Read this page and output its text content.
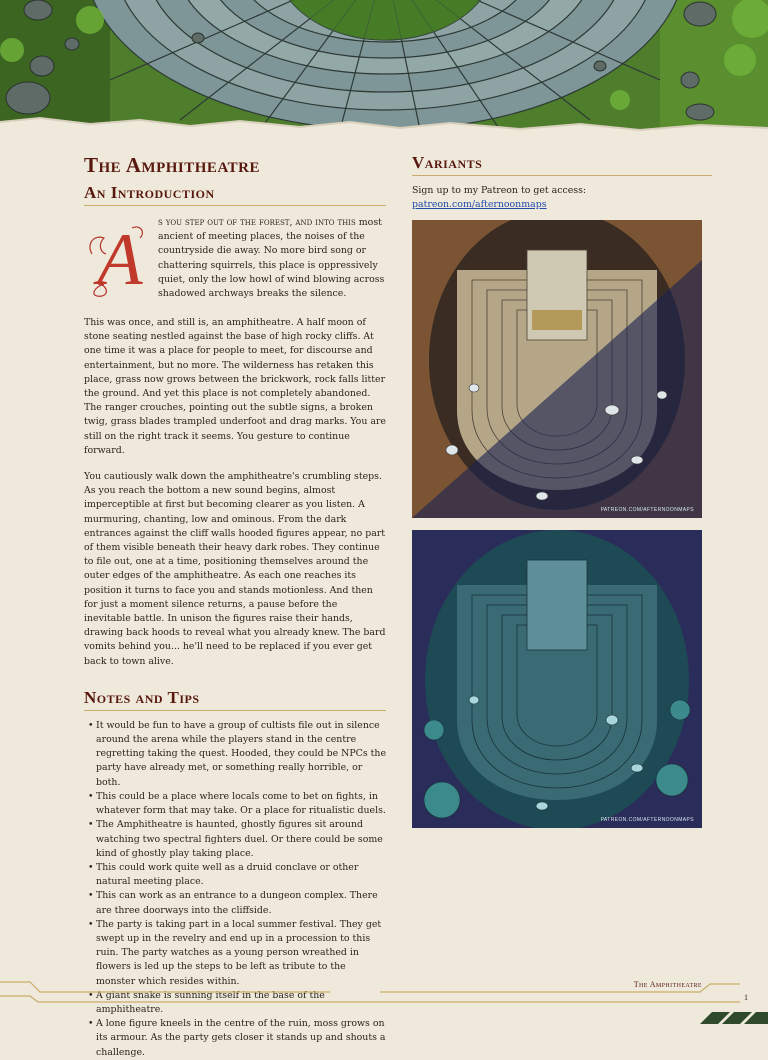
The Amphitheatre
An Introduction
A s you step out of the forest, and into this most ancient of meeting places, the noises of the countryside die away. No more bird song or chattering squirrels, this place is oppressively quiet, only the low howl of wind blowing across shadowed archways breaks the silence.

This was once, and still is, an amphitheatre. A half moon of stone seating nestled against the base of high rocky cliffs. At one time it was a place for people to meet, for discourse and entertainment, but no more. The wilderness has retaken this place, grass now grows between the brickwork, rock falls litter the ground. And yet this place is not completely abandoned. The ranger crouches, pointing out the subtle signs, a broken twig, grass blades trampled underfoot and drag marks. You are still on the right track it seems. You gesture to continue forward.

You cautiously walk down the amphitheatre's crumbling steps. As you reach the bottom a new sound begins, almost imperceptible at first but becoming clearer as you listen. A murmuring, chanting, low and ominous. From the dark entrances against the cliff walls hooded figures appear, no part of them visible beneath their heavy dark robes. They continue to file out, one at a time, positioning themselves around the outer edges of the amphitheatre. As each one reaches its position it turns to face you and stands motionless. And then for just a moment silence returns, a pause before the inevitable battle. In unison the figures raise their hands, drawing back hoods to reveal what you already knew. The bard vomits behind you... he'll need to be replaced if you ever get back to town alive.

Notes and Tips
• It would be fun to have a group of cultists file out in silence around the arena while the players stand in the centre regretting taking the quest. Hooded, they could be NPCs the party have already met, or something really horrible, or both.
• This could be a place where locals come to bet on fights, in whatever form that may take. Or a place for ritualistic duels.
• The Amphitheatre is haunted, ghostly figures sit around watching two spectral fighters duel. Or there could be some kind of ghostly play taking place.
• This could work quite well as a druid conclave or other natural meeting place.
• This can work as an entrance to a dungeon complex. There are three doorways into the cliffside.
• The party is taking part in a local summer festival. They get swept up in the revelry and end up in a procession to this ruin. The party watches as a young person wreathed in flowers is led up the steps to be left as tribute to the monster which resides within.
• A giant snake is sunning itself in the base of the amphitheatre.
• A lone figure kneels in the centre of the ruin, moss grows on its armour. As the party gets closer it stands up and shouts a challenge.
Variants
Sign up to my Patreon to get access: patreon.com/afternoonmaps
PATREON.COM/AFTERNOONMAPS
PATREON.COM/AFTERNOONMAPS
The Amphitheatre
1
